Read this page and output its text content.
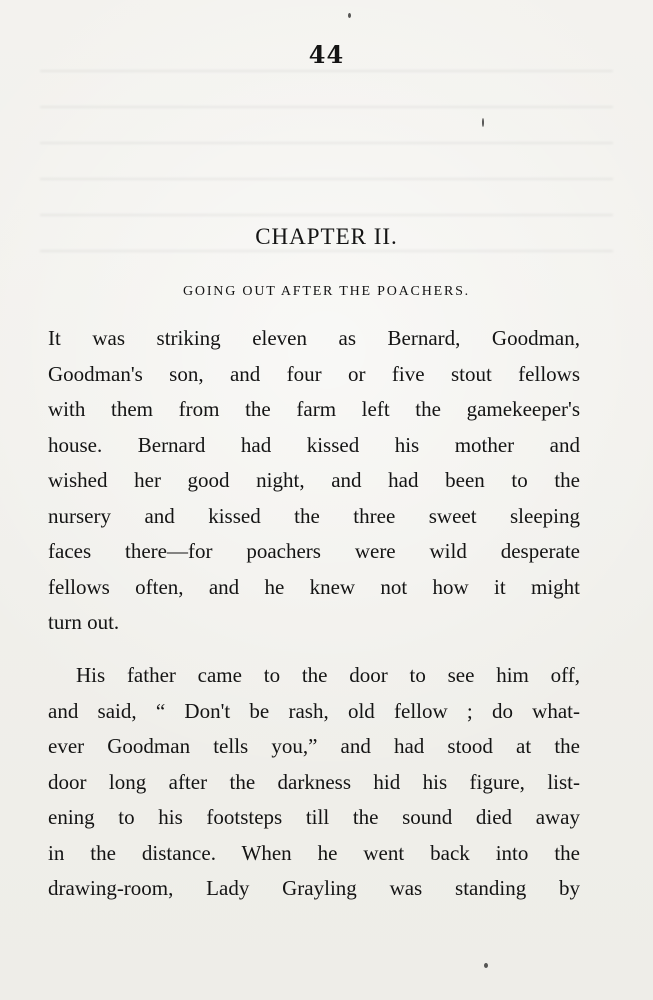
44
CHAPTER II.
GOING OUT AFTER THE POACHERS.
It was striking eleven as Bernard, Goodman,
Goodman's son, and four or five stout fellows
with them from the farm left the gamekeeper's
house. Bernard had kissed his mother and
wished her good night, and had been to the
nursery and kissed the three sweet sleeping
faces there—for poachers were wild desperate
fellows often, and he knew not how it might
turn out.
His father came to the door to see him off,
and said, “ Don't be rash, old fellow ; do what-
ever Goodman tells you,” and had stood at the
door long after the darkness hid his figure, list-
ening to his footsteps till the sound died away
in the distance. When he went back into the
drawing-room, Lady Grayling was standing by
